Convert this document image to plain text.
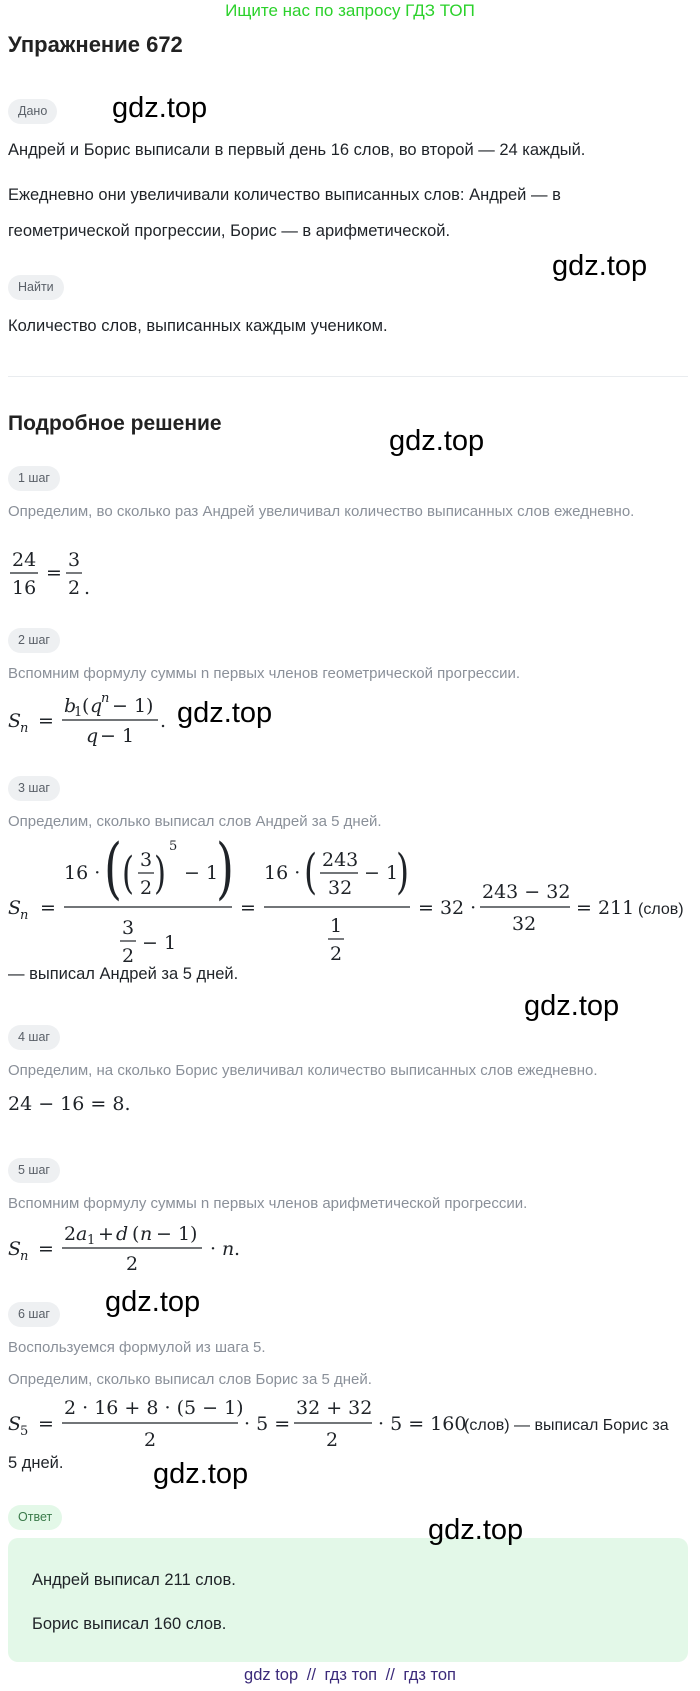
Ищите нас по запросу ГДЗ ТОП
Упражнение 672
Дано
Андрей и Борис выписали в первый день 16 слов, во второй — 24 каждый.
Ежедневно они увеличивали количество выписанных слов: Андрей — в
геометрической прогрессии, Борис — в арифметической.
Найти
Количество слов, выписанных каждым учеником.
Подробное решение
1 шаг
Определим, во сколько раз Андрей увеличивал количество выписанных слов ежедневно.
24
16
=
3
2 .
2 шаг
Вспомним формулу суммы n первых членов геометрической прогрессии.
S
n =
b
1 ( q
n − 1)
q − 1
.
3 шаг
Определим, сколько выписал слов Андрей за 5 дней.
S
n =
16 · ( ( 3
2 )
5
− 1
)
3
2
− 1
=
16 · ( 243
32
− 1
)
1
2
= 32 ·
243 − 32
32
= 211 (слов)
— выписал Андрей за 5 дней.
4 шаг
Определим, на сколько Борис увеличивал количество выписанных слов ежедневно.
24 − 16 = 8.
5 шаг
Вспомним формулу суммы n первых членов арифметической прогрессии.
S
n =
2 a 1 + d ( n − 1)
2
· n .
6 шаг
Воспользуемся формулой из шага 5.
Определим, сколько выписал слов Борис за 5 дней.
S
5 =
2 · 16 + 8 · (5 − 1)
2
· 5 =
32 + 32
2
· 5 = 160
(слов) — выписал Борис за
5 дней.
Ответ
Андрей выписал 211 слов.
Борис выписал 160 слов.
gdz.top
gdz.top
gdz.top
gdz.top
gdz.top
gdz.top
gdz.top
gdz.top
gdz top // гдз топ // гдз топ
